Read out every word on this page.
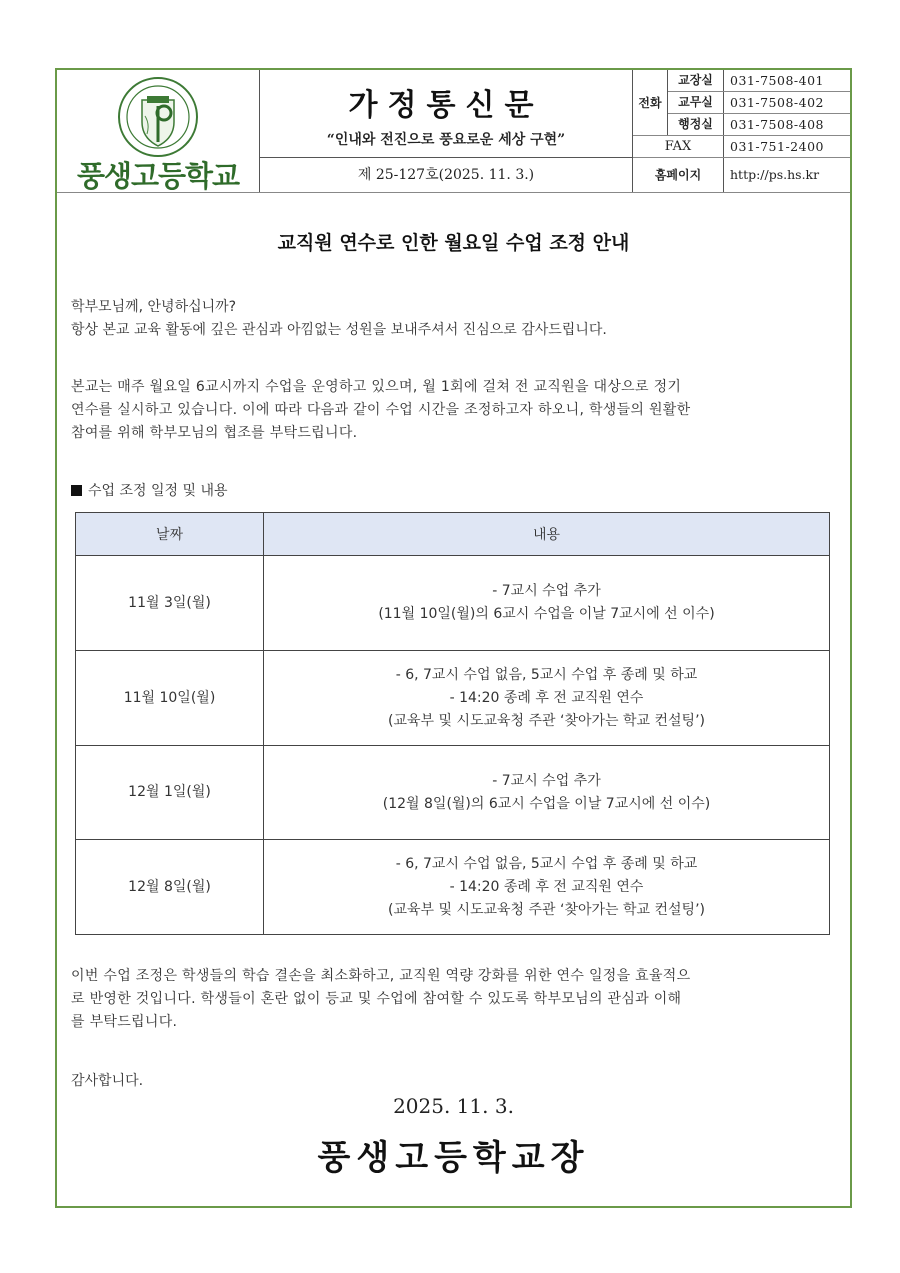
풍생고등학교
가정통신문
“인내와 전진으로 풍요로운 세상 구현”
제 25-127호(2025. 11. 3.)
전화
교장실	031-7508-401
교무실	031-7508-402
행정실	031-7508-408
FAX	031-751-2400
홈페이지	http://ps.hs.kr
교직원 연수로 인한 월요일 수업 조정 안내
학부모님께, 안녕하십니까?
항상 본교 교육 활동에 깊은 관심과 아낌없는 성원을 보내주셔서 진심으로 감사드립니다.
본교는 매주 월요일 6교시까지 수업을 운영하고 있으며, 월 1회에 걸쳐 전 교직원을 대상으로 정기
연수를 실시하고 있습니다. 이에 따라 다음과 같이 수업 시간을 조정하고자 하오니, 학생들의 원활한
참여를 위해 학부모님의 협조를 부탁드립니다.
수업 조정 일정 및 내용
날짜	내용
11월 3일(월)	- 7교시 수업 추가
(11월 10일(월)의 6교시 수업을 이날 7교시에 선 이수)

11월 10일(월)	- 6, 7교시 수업 없음, 5교시 수업 후 종례 및 하교
- 14:20 종례 후 전 교직원 연수
(교육부 및 시도교육청 주관 ‘찾아가는 학교 컨설팅’)

12월 1일(월)	- 7교시 수업 추가
(12월 8일(월)의 6교시 수업을 이날 7교시에 선 이수)

12월 8일(월)	- 6, 7교시 수업 없음, 5교시 수업 후 종례 및 하교
- 14:20 종례 후 전 교직원 연수
(교육부 및 시도교육청 주관 ‘찾아가는 학교 컨설팅’)
이번 수업 조정은 학생들의 학습 결손을 최소화하고, 교직원 역량 강화를 위한 연수 일정을 효율적으
로 반영한 것입니다. 학생들이 혼란 없이 등교 및 수업에 참여할 수 있도록 학부모님의 관심과 이해
를 부탁드립니다.
감사합니다.
2025. 11. 3.
풍생고등학교장
